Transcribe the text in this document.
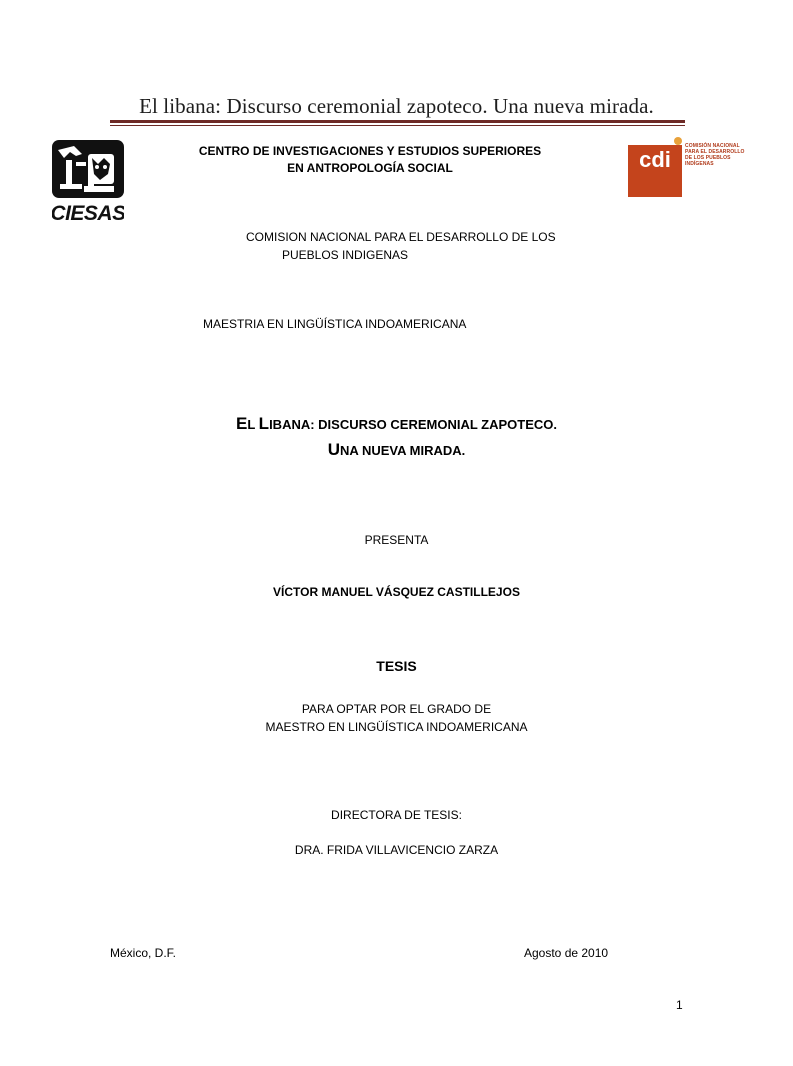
El libana: Discurso ceremonial zapoteco. Una nueva mirada.
CIESAS
cdi
COMISIÓN NACIONAL
PARA EL DESARROLLO
DE LOS PUEBLOS INDÍGENAS
CENTRO DE INVESTIGACIONES Y ESTUDIOS SUPERIORES
EN ANTROPOLOGÍA SOCIAL
COMISION NACIONAL PARA EL DESARROLLO DE LOS
PUEBLOS INDIGENAS
MAESTRIA EN LINGÜÍSTICA INDOAMERICANA
EL LIBANA: DISCURSO CEREMONIAL ZAPOTECO.
UNA NUEVA MIRADA.
PRESENTA
VÍCTOR MANUEL VÁSQUEZ CASTILLEJOS
TESIS
PARA OPTAR POR EL GRADO DE
MAESTRO EN LINGÜÍSTICA INDOAMERICANA
DIRECTORA DE TESIS:
DRA. FRIDA VILLAVICENCIO ZARZA
México, D.F.	Agosto de 2010
1
